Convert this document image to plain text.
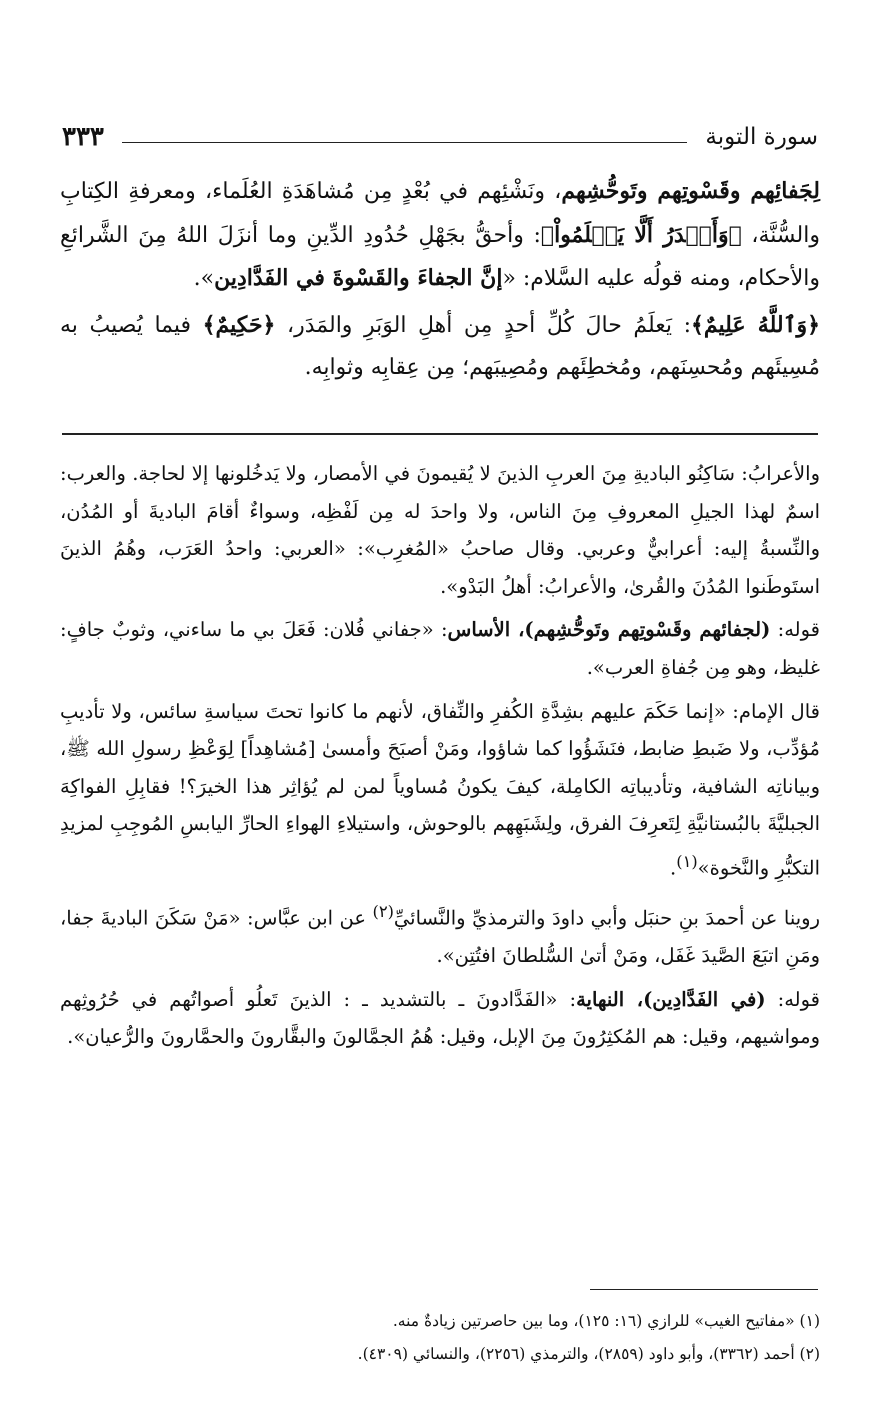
سورة التوبة
٣٣٣

لِجَفائِهم وقَسْوتِهم وتَوحُّشِهم، ونَشْئِهم في بُعْدٍ مِن مُشاهَدَةِ العُلَماء، ومعرفةِ الكِتابِ والسُّنَّة، ﴿وَأَجۡدَرُ أَلَّا يَعۡلَمُواْ﴾: وأحقُّ بجَهْلِ حُدُودِ الدِّينِ وما أنزَلَ اللهُ مِنَ الشَّرائعِ والأحكام، ومنه قولُه عليه السَّلام: «إنَّ الجفاءَ والقَسْوةَ في الفَدَّادِين».

﴿وَٱللَّهُ عَلِيمٌ﴾: يَعلَمُ حالَ كُلِّ أحدٍ مِن أهلِ الوَبَرِ والمَدَر، ﴿حَكِيمٌ﴾ فيما يُصيبُ به مُسِيئَهم ومُحسِنَهم، ومُخطِئَهم ومُصِيبَهم؛ مِن عِقابِه وثوابِه.

والأعرابُ: سَاكِنُو الباديةِ مِنَ العربِ الذينَ لا يُقيمونَ في الأمصار، ولا يَدخُلونها إلا لحاجة. والعرب: اسمٌ لهذا الجيلِ المعروفِ مِنَ الناس، ولا واحدَ له مِن لَفْظِه، وسواءٌ أقامَ الباديةَ أو المُدُن، والنِّسبةُ إليه: أعرابيٌّ وعربي. وقال صاحبُ «المُغرِب»: «العربي: واحدُ العَرَب، وهُمُ الذينَ استَوطَنوا المُدُنَ والقُرىٰ، والأعرابُ: أهلُ البَدْو».

قوله: (لجفائهم وقَسْوتِهم وتَوحُّشِهم)، الأساس: «جفاني فُلان: فَعَلَ بي ما ساءني، وثوبٌ جافٍ: غليظ، وهو مِن جُفاةِ العرب».

قال الإمام: «إنما حَكَمَ عليهم بشِدَّةِ الكُفرِ والنِّفاق، لأنهم ما كانوا تحتَ سياسةِ سائس، ولا تأديبِ مُؤدِّب، ولا ضَبطِ ضابط، فنَشَؤُوا كما شاؤوا، ومَنْ أصبَحَ وأمسىٰ [مُشاهِداً] لِوَعْظِ رسولِ الله ﷺ، وبياناتِه الشافية، وتأديباتِه الكامِلة، كيفَ يكونُ مُساوياً لمن لم يُؤاثِر هذا الخيرَ؟! فقابِلِ الفواكِهَ الجبليَّةَ بالبُستانيَّةِ لِتَعرِفَ الفرق، ولِشَبَهِهم بالوحوش، واستيلاءِ الهواءِ الحارِّ اليابسِ المُوجِبِ لمزيدِ التكبُّرِ والنَّخوة»$^{(١)}$.

روينا عن أحمدَ بنِ حنبَل وأبي داودَ والترمذيِّ والنَّسائيِّ$^{(٢)}$ عن ابن عبَّاس: «مَنْ سَكَنَ الباديةَ جفا، ومَنِ اتبَعَ الصَّيدَ غَفَل، ومَنْ أتىٰ السُّلطانَ افتُتِن».

قوله: (في الفَدَّادِين)، النهاية: «الفَدَّادونَ ـ بالتشديد ـ : الذينَ تَعلُو أصواتُهم في حُرُوثِهم ومواشيهم، وقيل: هم المُكثِرُونَ مِنَ الإبل، وقيل: هُمُ الجمَّالونَ والبقَّارونَ والحمَّارونَ والرُّعيان».

(١) «مفاتيح الغيب» للرازي (١٦: ١٢٥)، وما بين حاصرتين زيادةٌ منه.

(٢) أحمد (٣٣٦٢)، وأبو داود (٢٨٥٩)، والترمذي (٢٢٥٦)، والنسائي (٤٣٠٩).
